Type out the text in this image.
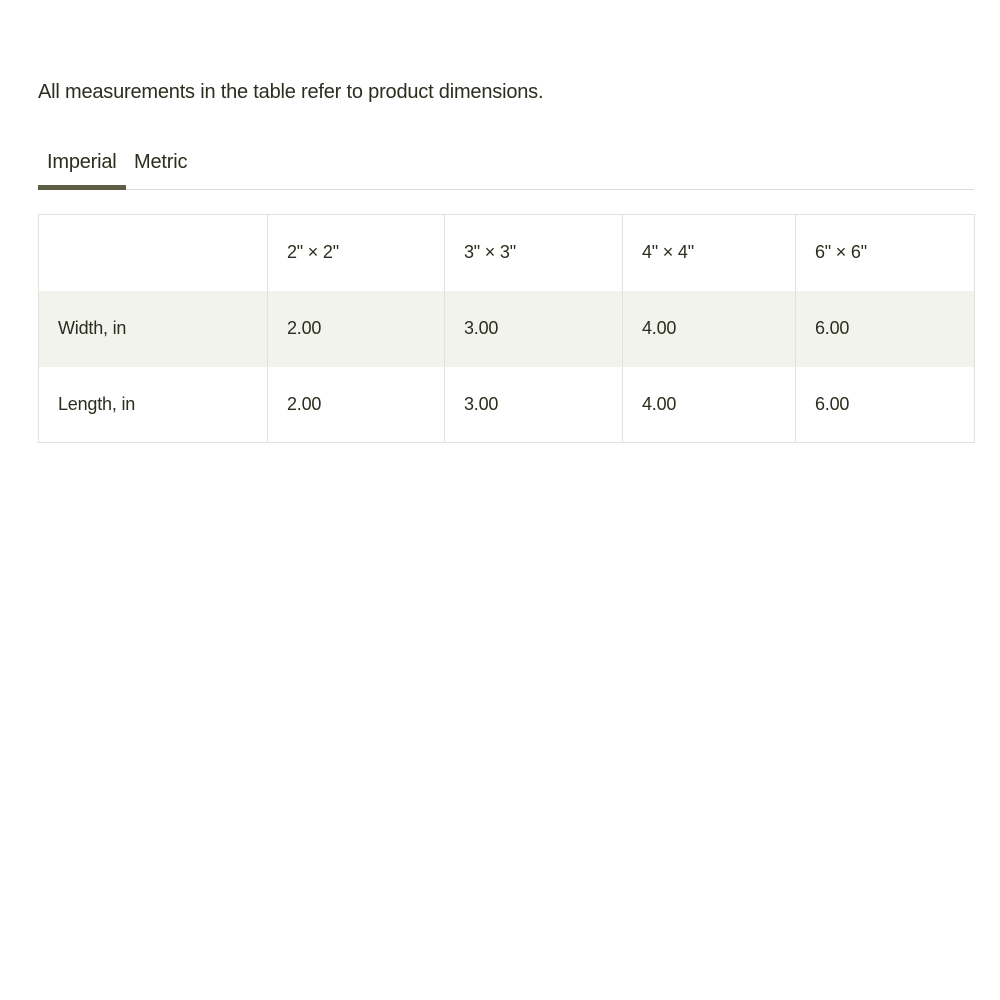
All measurements in the table refer to product dimensions.
Imperial Metric
	2" × 2"	3" × 3"	4" × 4"	6" × 6"
Width, in	2.00	3.00	4.00	6.00
Length, in	2.00	3.00	4.00	6.00
